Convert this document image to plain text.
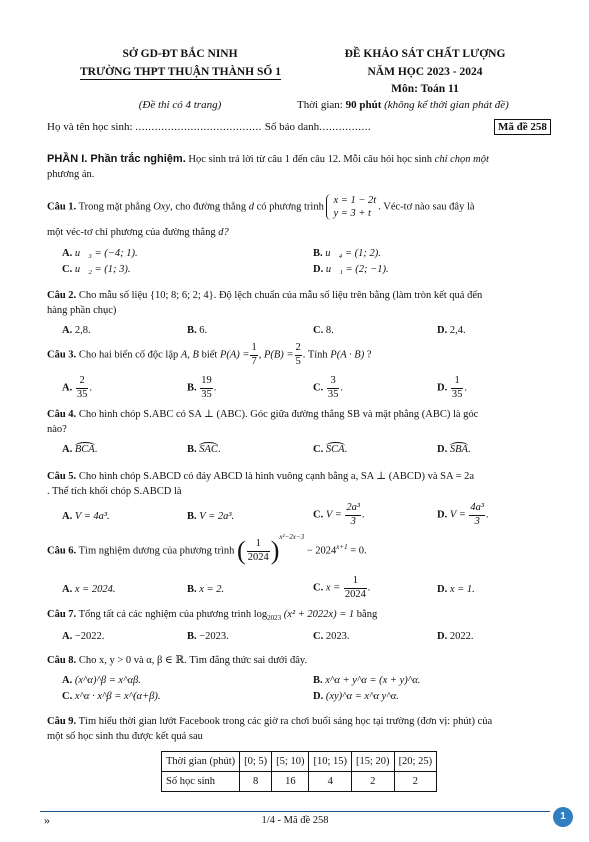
SỞ GD-ĐT BẮC NINH
TRƯỜNG THPT THUẬN THÀNH SỐ 1
(Đề thi có 4 trang)
ĐỀ KHẢO SÁT CHẤT LƯỢNG
NĂM HỌC 2023 - 2024
Môn: Toán 11
Thời gian: 90 phút (không kể thời gian phát đề)
Họ và tên học sinh: ....................................... Số báo danh................	Mã đề 258
PHẦN I. Phần trắc nghiệm. Học sinh trả lời từ câu 1 đến câu 12. Mỗi câu hỏi học sinh chỉ chọn một
phương án.
Câu 1. Trong mặt phẳng Oxy, cho đường thẳng d có phương trình x = 1 − 2t
y = 3 + t. Véc-tơ nào sau đây là
một véc-tơ chỉ phương của đường thẳng d?
A. u⃗₃ = (−4; 1).	B. u⃗₄ = (1; 2).
C. u⃗₂ = (1; 3).	D. u⃗₁ = (2; −1).
Câu 2. Cho mẫu số liệu {10; 8; 6; 2; 4}. Độ lệch chuẩn của mẫu số liệu trên bằng (làm tròn kết quả đến
hàng phần chục)
A. 2,8.	B. 6.	C. 8.	D. 2,4.
Câu 3. Cho hai biến cố độc lập A, B biết $P(A) = \frac{1}{7}$ , $P(B) = \frac{2}{5}$ . Tính P(A · B) ?
A. $\frac{2}{35}$ .	B. $\frac{19}{35}$ .	C. $\frac{3}{35}$ .	D. $\frac{1}{35}$ .
Câu 4. Cho hình chóp S.ABC có SA ⊥ (ABC). Góc giữa đường thẳng SB và mặt phẳng (ABC) là góc
nào?
A. BCA.	B. SAC.	C. SCA.	D. SBA.
Câu 5. Cho hình chóp S.ABCD có đáy ABCD là hình vuông cạnh bằng a, SA ⊥ (ABCD) và SA = 2a
. Thể tích khối chóp S.ABCD là
A. V = 4a³.	B. V = 2a³.	C. $V = \frac{\text{2a³}}{3}$ .	D. $V = \frac{\text{4a³}}{3}$ .
Câu 6. Tìm nghiệm dương của phương trình ( $\frac{1}{2024} )^{x^2-2x-3} - 2024^{x+1} = 0$.
A. x = 2024.	B. x = 2.	C. $x = \frac{1}{2024}$ .	D. x = 1.
Câu 7. Tổng tất cả các nghiệm của phương trình $\log_{2023} (x^2 + 2022x) = 1$ bằng
A. −2022.	B. −2023.	C. 2023.	D. 2022.
Câu 8. Cho x, y > 0 và α, β ∈ ℝ. Tìm đẳng thức sai dưới đây.
A. (x^α)^β = x^αβ.	B. x^α + y^α = (x + y)^α.
C. x^α · x^β = x^(α+β).	D. (xy)^α = x^α y^α.
Câu 9. Tìm hiểu thời gian lướt Facebook trong các giờ ra chơi buổi sáng học tại trường (đơn vị: phút) của
một số học sinh thu được kết quả sau
Thời gian (phút)	[0; 5)	[5; 10)	[10; 15)	[15; 20)	[20; 25)
Số học sinh	8	16	4	2	2
»	1/4 - Mã đề 258	1
